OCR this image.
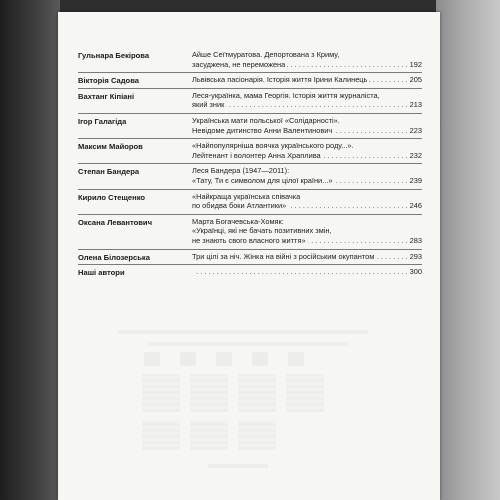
Гульнара Бекірова	Айше Сеїтмуратова. Депортована з Криму,
засуджена, не переможена . . .	192
Вікторія Садова	Львівська пасіонарія. Історія життя Ірини Калинець . . .	205
Вахтанг Кіпіані	Леся-українка, мама Георгія. Історія життя журналіста,
який зник . . .	213
Ігор Галагіда	Українська мати польської «Солідарності».
Невідоме дитинство Анни Валентинович . . .	223
Максим Майоров	«Найпопулярніша воячка українського роду...».
Лейтенант і волонтер Анна Храплива . . .	232
Степан Бандера	Леся Бандера (1947—2011):
«Тату, Ти є символом для цілої країни...» . . .	239
Кирило Стещенко	«Найкраща українська співачка
по обидва боки Атлантики» . . .	246
Оксана Левантович	Марта Богачевська-Хомяк:
«Українці, які не бачать позитивних змін,
не знають свого власного життя» . . .	283
Олена Білозерська	Три цілі за ніч. Жінка на війні з російським окупантом . . .	293
Наші автори . . .	300
